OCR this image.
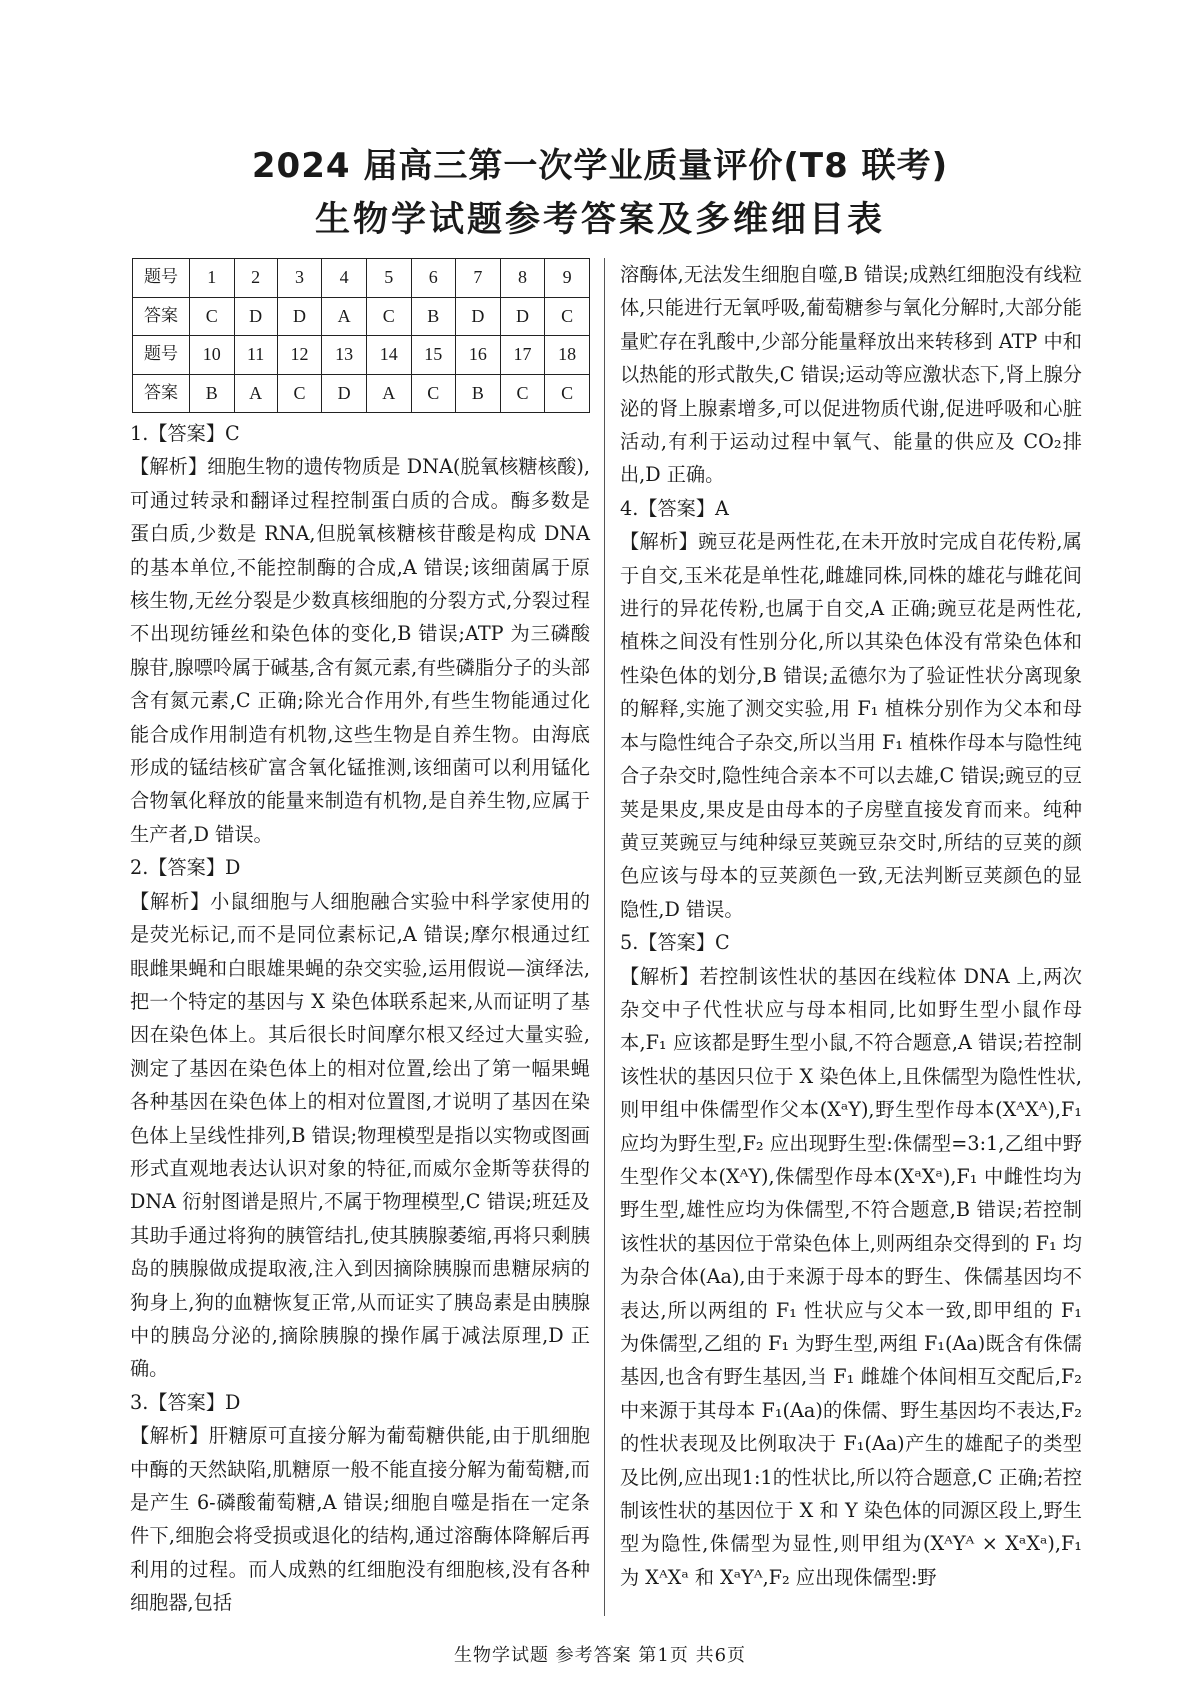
2024 届高三第一次学业质量评价(T8 联考)
生物学试题参考答案及多维细目表
题号	1	2	3	4	5	6	7	8	9
答案	C	D	D	A	C	B	D	D	C
题号	10	11	12	13	14	15	16	17	18
答案	B	A	C	D	A	C	B	C	C

1.【答案】C

【解析】细胞生物的遗传物质是 DNA(脱氧核糖核酸),可通过转录和翻译过程控制蛋白质的合成。酶多数是蛋白质,少数是 RNA,但脱氧核糖核苷酸是构成 DNA 的基本单位,不能控制酶的合成,A 错误;该细菌属于原核生物,无丝分裂是少数真核细胞的分裂方式,分裂过程不出现纺锤丝和染色体的变化,B 错误;ATP 为三磷酸腺苷,腺嘌呤属于碱基,含有氮元素,有些磷脂分子的头部含有氮元素,C 正确;除光合作用外,有些生物能通过化能合成作用制造有机物,这些生物是自养生物。由海底形成的锰结核矿富含氧化锰推测,该细菌可以利用锰化合物氧化释放的能量来制造有机物,是自养生物,应属于生产者,D 错误。

2.【答案】D

【解析】小鼠细胞与人细胞融合实验中科学家使用的是荧光标记,而不是同位素标记,A 错误;摩尔根通过红眼雌果蝇和白眼雄果蝇的杂交实验,运用假说—演绎法,把一个特定的基因与 X 染色体联系起来,从而证明了基因在染色体上。其后很长时间摩尔根又经过大量实验,测定了基因在染色体上的相对位置,绘出了第一幅果蝇各种基因在染色体上的相对位置图,才说明了基因在染色体上呈线性排列,B 错误;物理模型是指以实物或图画形式直观地表达认识对象的特征,而威尔金斯等获得的 DNA 衍射图谱是照片,不属于物理模型,C 错误;班廷及其助手通过将狗的胰管结扎,使其胰腺萎缩,再将只剩胰岛的胰腺做成提取液,注入到因摘除胰腺而患糖尿病的狗身上,狗的血糖恢复正常,从而证实了胰岛素是由胰腺中的胰岛分泌的,摘除胰腺的操作属于减法原理,D 正确。

3.【答案】D

【解析】肝糖原可直接分解为葡萄糖供能,由于肌细胞中酶的天然缺陷,肌糖原一般不能直接分解为葡萄糖,而是产生 6-磷酸葡萄糖,A 错误;细胞自噬是指在一定条件下,细胞会将受损或退化的结构,通过溶酶体降解后再利用的过程。而人成熟的红细胞没有细胞核,没有各种细胞器,包括

溶酶体,无法发生细胞自噬,B 错误;成熟红细胞没有线粒体,只能进行无氧呼吸,葡萄糖参与氧化分解时,大部分能量贮存在乳酸中,少部分能量释放出来转移到 ATP 中和以热能的形式散失,C 错误;运动等应激状态下,肾上腺分泌的肾上腺素增多,可以促进物质代谢,促进呼吸和心脏活动,有利于运动过程中氧气、能量的供应及 CO₂排出,D 正确。

4.【答案】A

【解析】豌豆花是两性花,在未开放时完成自花传粉,属于自交,玉米花是单性花,雌雄同株,同株的雄花与雌花间进行的异花传粉,也属于自交,A 正确;豌豆花是两性花,植株之间没有性别分化,所以其染色体没有常染色体和性染色体的划分,B 错误;孟德尔为了验证性状分离现象的解释,实施了测交实验,用 F₁ 植株分别作为父本和母本与隐性纯合子杂交,所以当用 F₁ 植株作母本与隐性纯合子杂交时,隐性纯合亲本不可以去雄,C 错误;豌豆的豆荚是果皮,果皮是由母本的子房壁直接发育而来。纯种黄豆荚豌豆与纯种绿豆荚豌豆杂交时,所结的豆荚的颜色应该与母本的豆荚颜色一致,无法判断豆荚颜色的显隐性,D 错误。

5.【答案】C

【解析】若控制该性状的基因在线粒体 DNA 上,两次杂交中子代性状应与母本相同,比如野生型小鼠作母本,F₁ 应该都是野生型小鼠,不符合题意,A 错误;若控制该性状的基因只位于 X 染色体上,且侏儒型为隐性性状,则甲组中侏儒型作父本(XᵃY),野生型作母本(XᴬXᴬ),F₁ 应均为野生型,F₂ 应出现野生型:侏儒型=3:1,乙组中野生型作父本(XᴬY),侏儒型作母本(XᵃXᵃ),F₁ 中雌性均为野生型,雄性应均为侏儒型,不符合题意,B 错误;若控制该性状的基因位于常染色体上,则两组杂交得到的 F₁ 均为杂合体(Aa),由于来源于母本的野生、侏儒基因均不表达,所以两组的 F₁ 性状应与父本一致,即甲组的 F₁ 为侏儒型,乙组的 F₁ 为野生型,两组 F₁(Aa)既含有侏儒基因,也含有野生基因,当 F₁ 雌雄个体间相互交配后,F₂ 中来源于其母本 F₁(Aa)的侏儒、野生基因均不表达,F₂ 的性状表现及比例取决于 F₁(Aa)产生的雄配子的类型及比例,应出现1:1的性状比,所以符合题意,C 正确;若控制该性状的基因位于 X 和 Y 染色体的同源区段上,野生型为隐性,侏儒型为显性,则甲组为(XᴬYᴬ × XᵃXᵃ),F₁ 为 XᴬXᵃ 和 XᵃYᴬ,F₂ 应出现侏儒型:野

生物学试题 参考答案 第1页 共6页
